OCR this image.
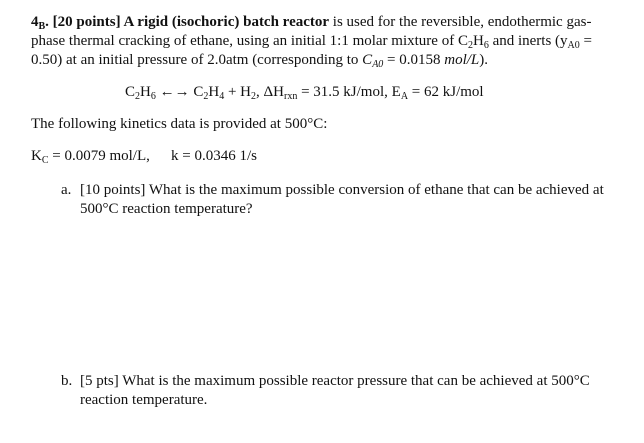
$4_B$. [20 points] A rigid (isochoric) batch reactor is used for the reversible, endothermic gas-
phase thermal cracking of ethane, using an initial 1:1 molar mixture of $C_2H_6$ and inerts ($y_{A0}$ =
0.50) at an initial pressure of 2.0atm (corresponding to $C_{A0} = 0.0158$ mol/L).
$C_2H_6$ ←→ $C_2H_4 + H_2$, $\Delta H_{rxn} = 31.5$ kJ/mol, $E_A = 62$ kJ/mol
The following kinetics data is provided at 500°C:
$K_C = 0.0079$ mol/L, k = 0.0346 1/s
a. [10 points] What is the maximum possible conversion of ethane that can be achieved at
500°C reaction temperature?
b. [5 pts] What is the maximum possible reactor pressure that can be achieved at 500°C
reaction temperature.
